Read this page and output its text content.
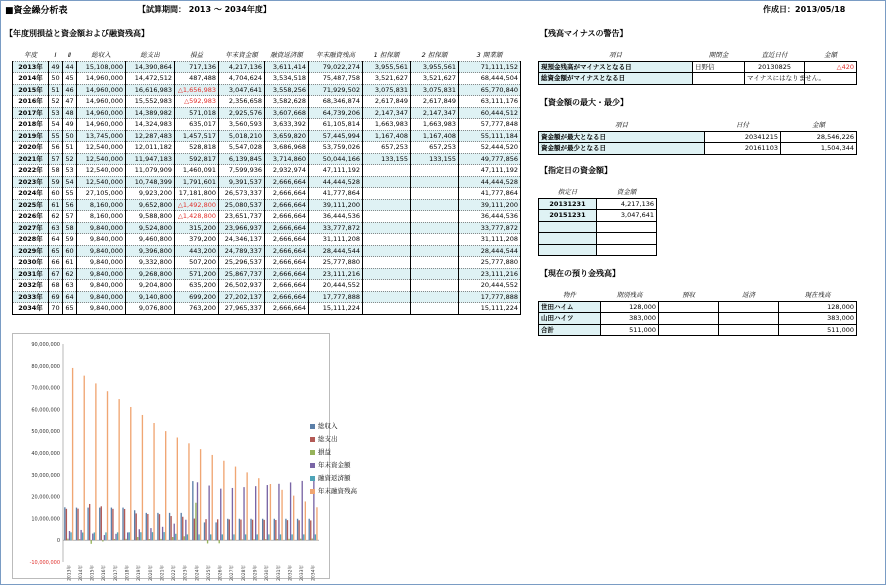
■資金繰分析表	【試算期間： 2013 ～ 2034年度】	作成日：2013/05/18
【年度別損益と資金額および融資残高】	【残高マイナスの警告】
【資金額の最大・最少】
【指定日の資金額】
【現在の預り金残高】
年度	Ⅰ	Ⅱ	総収入	総支出	損益	年末資金額	融資返済額	年末融資残高	1 担保額	2 担保額	3 開業額
2013年	49	44	15,108,000	14,390,864	717,136	4,217,136	3,611,414	79,022,274	3,955,561	3,955,561	71,111,152
2014年	50	45	14,960,000	14,472,512	487,488	4,704,624	3,534,518	75,487,758	3,521,627	3,521,627	68,444,504
2015年	51	46	14,960,000	16,616,983	△1,656,983	3,047,641	3,558,256	71,929,502	3,075,831	3,075,831	65,770,840
2016年	52	47	14,960,000	15,552,983	△592,983	2,356,658	3,582,628	68,346,874	2,617,849	2,617,849	63,111,176
2017年	53	48	14,960,000	14,389,982	571,018	2,925,576	3,607,668	64,739,206	2,147,347	2,147,347	60,444,512
2018年	54	49	14,960,000	14,324,983	635,017	3,560,593	3,633,392	61,105,814	1,663,983	1,663,983	57,777,848
2019年	55	50	13,745,000	12,287,483	1,457,517	5,018,210	3,659,820	57,445,994	1,167,408	1,167,408	55,111,184
2020年	56	51	12,540,000	12,011,182	528,818	5,547,028	3,686,968	53,759,026	657,253	657,253	52,444,520
2021年	57	52	12,540,000	11,947,183	592,817	6,139,845	3,714,860	50,044,166	133,155	133,155	49,777,856
2022年	58	53	12,540,000	11,079,909	1,460,091	7,599,936	2,932,974	47,111,192			47,111,192
2023年	59	54	12,540,000	10,748,399	1,791,601	9,391,537	2,666,664	44,444,528			44,444,528
2024年	60	55	27,105,000	9,923,200	17,181,800	26,573,337	2,666,664	41,777,864			41,777,864
2025年	61	56	8,160,000	9,652,800	△1,492,800	25,080,537	2,666,664	39,111,200			39,111,200
2026年	62	57	8,160,000	9,588,800	△1,428,800	23,651,737	2,666,664	36,444,536			36,444,536
2027年	63	58	9,840,000	9,524,800	315,200	23,966,937	2,666,664	33,777,872			33,777,872
2028年	64	59	9,840,000	9,460,800	379,200	24,346,137	2,666,664	31,111,208			31,111,208
2029年	65	60	9,840,000	9,396,800	443,200	24,789,337	2,666,664	28,444,544			28,444,544
2030年	66	61	9,840,000	9,332,800	507,200	25,296,537	2,666,664	25,777,880			25,777,880
2031年	67	62	9,840,000	9,268,800	571,200	25,867,737	2,666,664	23,111,216			23,111,216
2032年	68	63	9,840,000	9,204,800	635,200	26,502,937	2,666,664	20,444,552			20,444,552
2033年	69	64	9,840,000	9,140,800	699,200	27,202,137	2,666,664	17,777,888			17,777,888
2034年	70	65	9,840,000	9,076,800	763,200	27,965,337	2,666,664	15,111,224			15,111,224
項目	開閉金	直近日付	金額
現預金残高がマイナスとなる日	日野信	20130825	△420
総資金額がマイナスとなる日		マイナスにはなりません。	
項目	日付	金額
資金額が最大となる日	20341215	28,546,226
資金額が最少となる日	20161103	1,504,344
指定日	資金額
20131231	4,217,136
20151231	3,047,641

物件	期別残高	預収	返済	現在残高
世田ハイム	128,000			128,000
山田ハイツ	383,000			383,000
合計	511,000			511,000
-10,000,000
0
10,000,000
20,000,000
30,000,000
40,000,000
50,000,000
60,000,000
70,000,000
80,000,000
90,000,000
2013年	2014年	2015年	2016年	2017年	2018年	2019年	2020年	2021年	2022年	2023年	2024年	2025年	2026年	2027年	2028年	2029年	2030年	2031年	2032年	2033年	2034年
総収入
総支出
損益
年末資金額
融資返済額
年末融資残高
